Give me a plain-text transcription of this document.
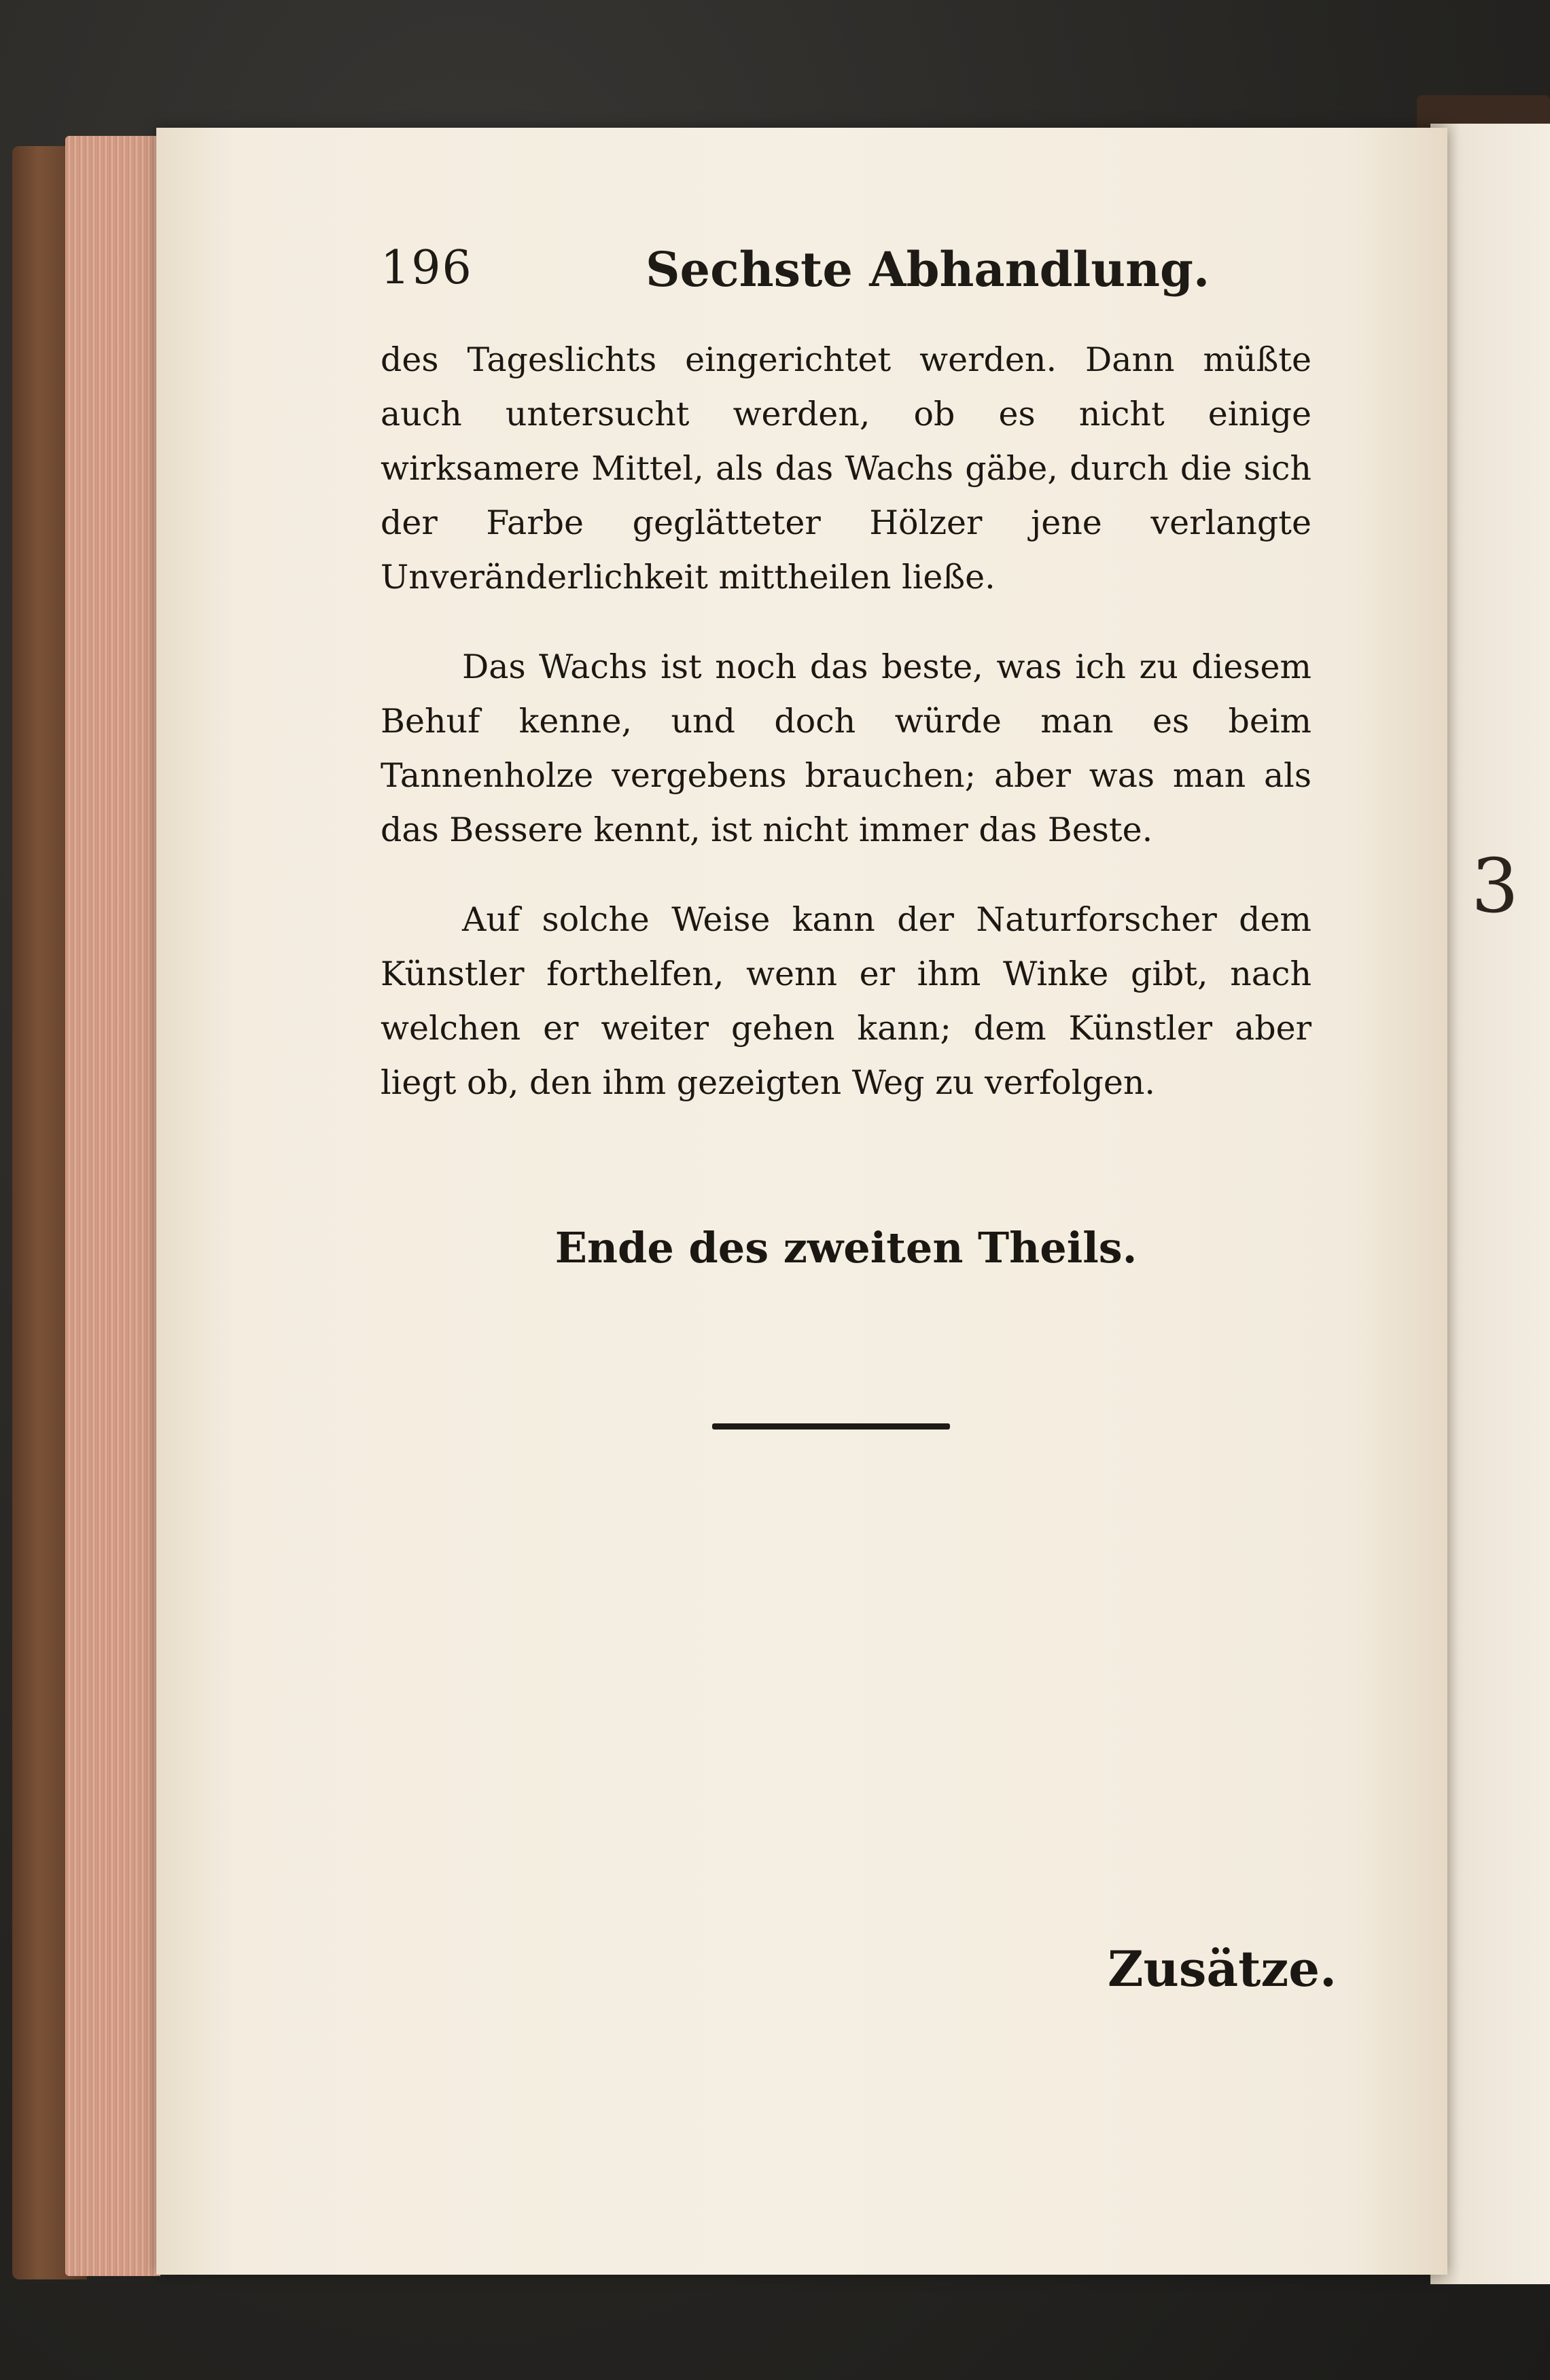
3
196	Sechste Abhandlung.

des Tageslichts eingerichtet werden. Dann müßte auch untersucht werden, ob es nicht einige wirksamere Mittel, als das Wachs gäbe, durch die sich der Farbe geglätteter Hölzer jene verlangte Unveränderlichkeit mittheilen ließe.

Das Wachs ist noch das beste, was ich zu diesem Behuf kenne, und doch würde man es beim Tannenholze vergebens brauchen; aber was man als das Bessere kennt, ist nicht immer das Beste.

Auf solche Weise kann der Naturforscher dem Künstler forthelfen, wenn er ihm Winke gibt, nach welchen er weiter gehen kann; dem Künstler aber liegt ob, den ihm gezeigten Weg zu verfolgen.

Ende des zweiten Theils.
Zusätze.
